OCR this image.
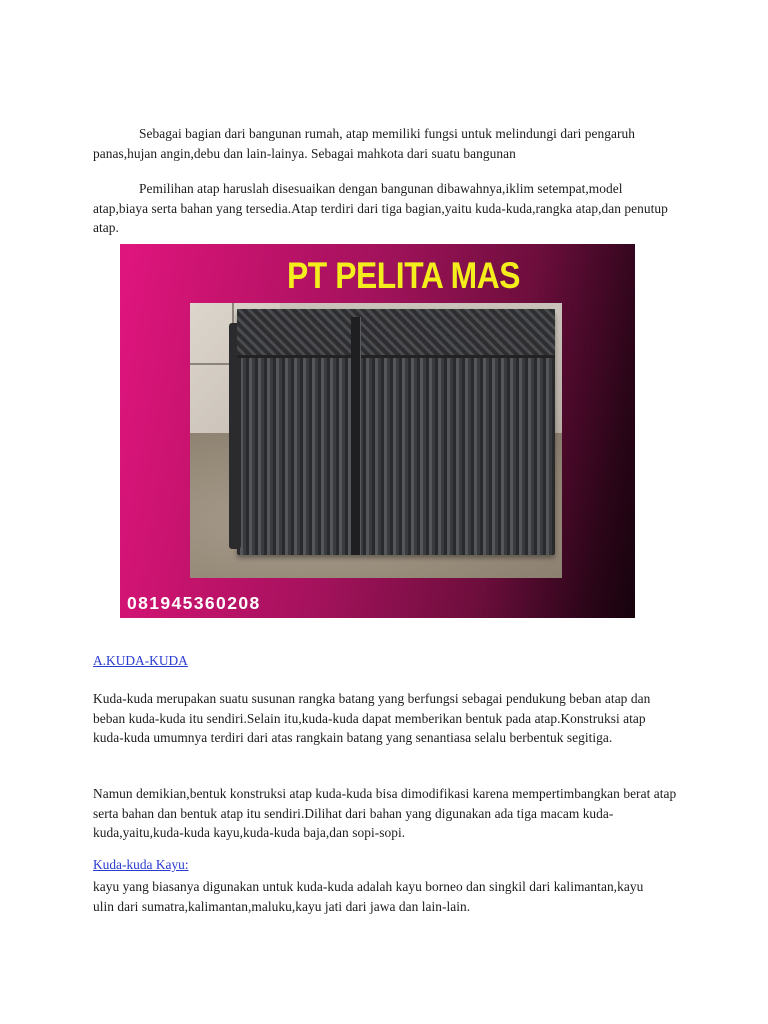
Sebagai bagian dari bangunan rumah, atap memiliki fungsi untuk melindungi dari pengaruh panas,hujan angin,debu dan lain-lainya. Sebagai mahkota dari suatu bangunan

Pemilihan atap haruslah disesuaikan dengan bangunan dibawahnya,iklim setempat,model atap,biaya serta bahan yang tersedia.Atap terdiri dari tiga bagian,yaitu kuda-kuda,rangka atap,dan penutup atap.

PT PELITA MAS
081945360208
A.KUDA-KUDA

Kuda-kuda merupakan suatu susunan rangka batang yang berfungsi sebagai pendukung beban atap dan beban kuda-kuda itu sendiri.Selain itu,kuda-kuda dapat memberikan bentuk pada atap.Konstruksi atap kuda-kuda umumnya terdiri dari atas rangkain batang yang senantiasa selalu berbentuk segitiga.

Namun demikian,bentuk konstruksi atap kuda-kuda bisa dimodifikasi karena mempertimbangkan berat atap serta bahan dan bentuk atap itu sendiri.Dilihat dari bahan yang digunakan ada tiga macam kuda-kuda,yaitu,kuda-kuda kayu,kuda-kuda baja,dan sopi-sopi.

Kuda-kuda Kayu:

kayu yang biasanya digunakan untuk kuda-kuda adalah kayu borneo dan singkil dari kalimantan,kayu ulin dari sumatra,kalimantan,maluku,kayu jati dari jawa dan lain-lain.
